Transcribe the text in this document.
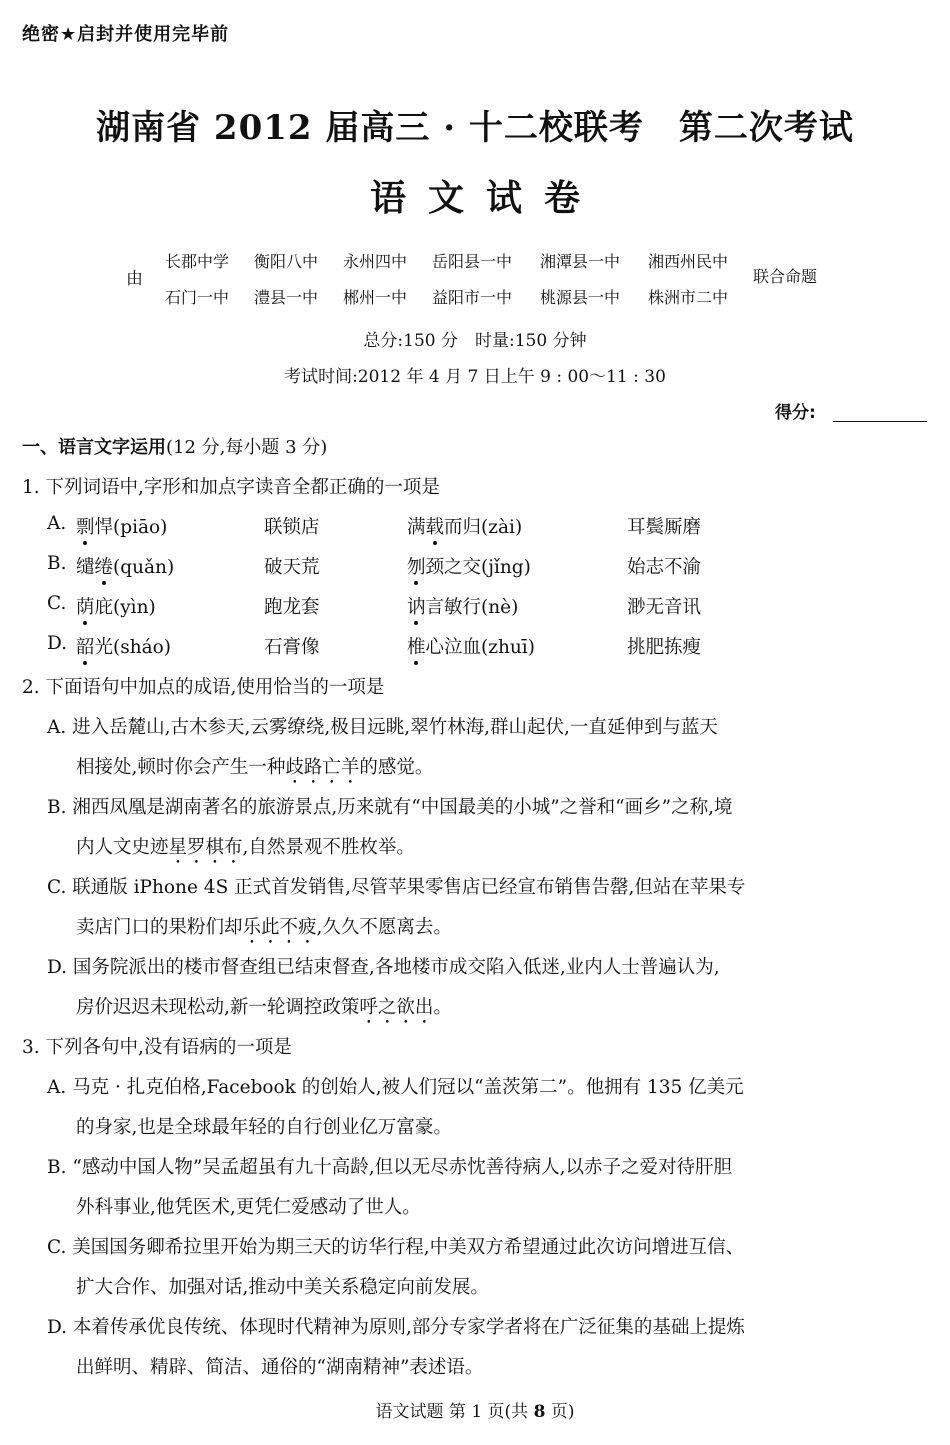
绝密★启封并使用完毕前
湖南省 2012 届高三 · 十二校联考　第二次考试
语文试卷
由
长郡中学 衡阳八中 永州四中 岳阳县一中 湘潭县一中 湘西州民中
石门一中 澧县一中 郴州一中 益阳市一中 桃源县一中 株洲市二中
联合命题
总分:150 分　时量:150 分钟
考试时间:2012 年 4 月 7 日上午 9 : 00～11 : 30
得分:
一、语言文字运用(12 分,每小题 3 分)
1. 下列词语中,字形和加点字读音全都正确的一项是
A. 剽悍(piāo)	联锁店	满载而归(zài)	耳鬓厮磨
B. 缱绻(quǎn)	破天荒	刎颈之交(jǐng)	始志不渝
C. 荫庇(yìn)	跑龙套	讷言敏行(nè)	渺无音讯
D. 韶光(sháo)	石膏像	椎心泣血(zhuī)	挑肥拣瘦
2. 下面语句中加点的成语,使用恰当的一项是
A. 进入岳麓山,古木参天,云雾缭绕,极目远眺,翠竹林海,群山起伏,一直延伸到与蓝天
相接处,顿时你会产生一种歧路亡羊的感觉。
B. 湘西凤凰是湖南著名的旅游景点,历来就有“中国最美的小城”之誉和“画乡”之称,境
内人文史迹星罗棋布,自然景观不胜枚举。
C. 联通版 iPhone 4S 正式首发销售,尽管苹果零售店已经宣布销售告罄,但站在苹果专
卖店门口的果粉们却乐此不疲,久久不愿离去。
D. 国务院派出的楼市督查组已结束督查,各地楼市成交陷入低迷,业内人士普遍认为,
房价迟迟未现松动,新一轮调控政策呼之欲出。
3. 下列各句中,没有语病的一项是
A. 马克 · 扎克伯格,Facebook 的创始人,被人们冠以“盖茨第二”。他拥有 135 亿美元
的身家,也是全球最年轻的自行创业亿万富豪。
B. “感动中国人物”吴孟超虽有九十高龄,但以无尽赤忱善待病人,以赤子之爱对待肝胆
外科事业,他凭医术,更凭仁爱感动了世人。
C. 美国国务卿希拉里开始为期三天的访华行程,中美双方希望通过此次访问增进互信、
扩大合作、加强对话,推动中美关系稳定向前发展。
D. 本着传承优良传统、体现时代精神为原则,部分专家学者将在广泛征集的基础上提炼
出鲜明、精辟、简洁、通俗的“湖南精神”表述语。
语文试题 第 1 页(共 8 页)
